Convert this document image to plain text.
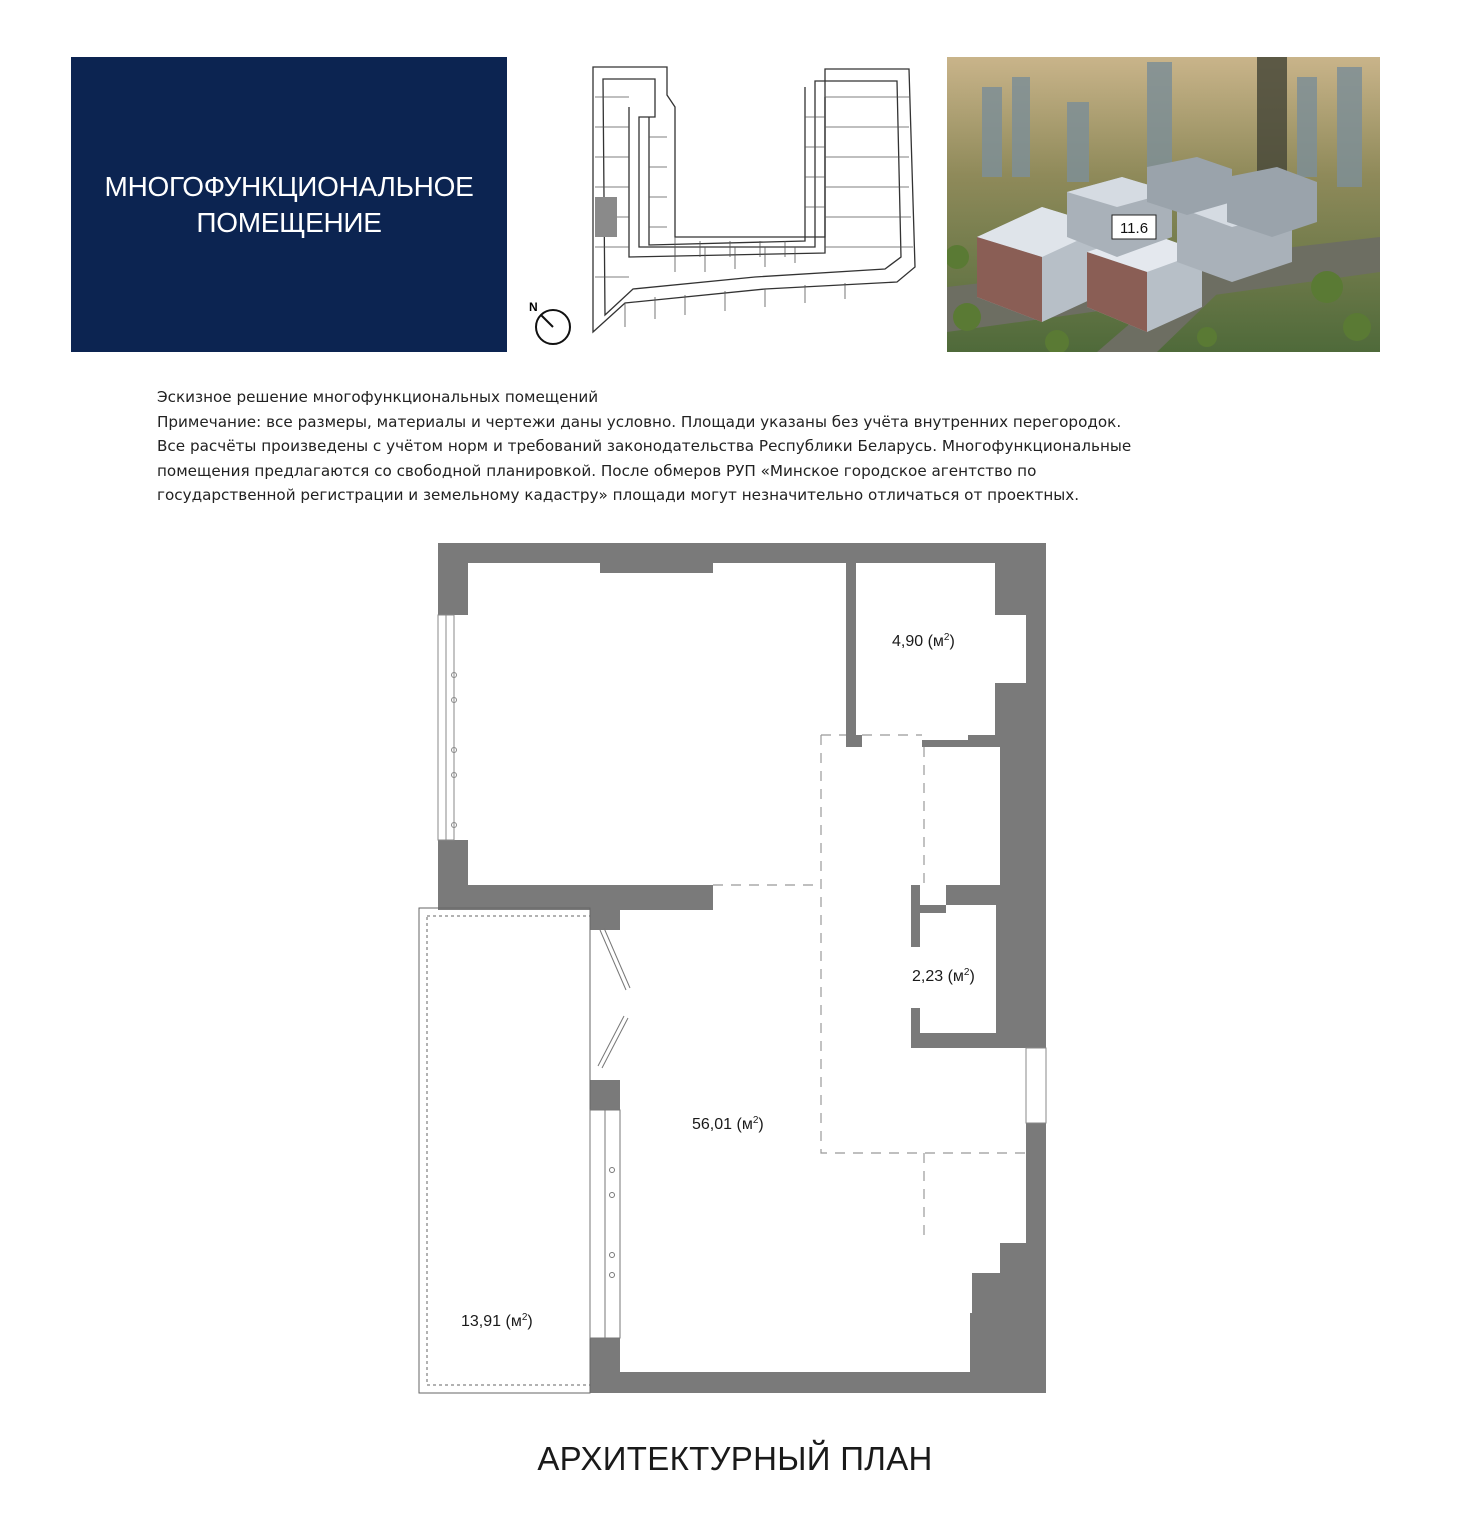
МНОГОФУНКЦИОНАЛЬНОЕ
ПОМЕЩЕНИЕ
N
11.6

Эскизное решение многофункциональных помещений

Примечание: все размеры, материалы и чертежи даны условно. Площади указаны без учёта внутренних перегородок.

Все расчёты произведены с учётом норм и требований законодательства Республики Беларусь. Многофункциональные

помещения предлагаются со свободной планировкой. После обмеров РУП «Минское городское агентство по

государственной регистрации и земельному кадастру» площади могут незначительно отличаться от проектных.

4,90 $(м^2)$
2,23 $(м^2)$
56,01 $(м^2)$
13,91 $(м^2)$
АРХИТЕКТУРНЫЙ ПЛАН
